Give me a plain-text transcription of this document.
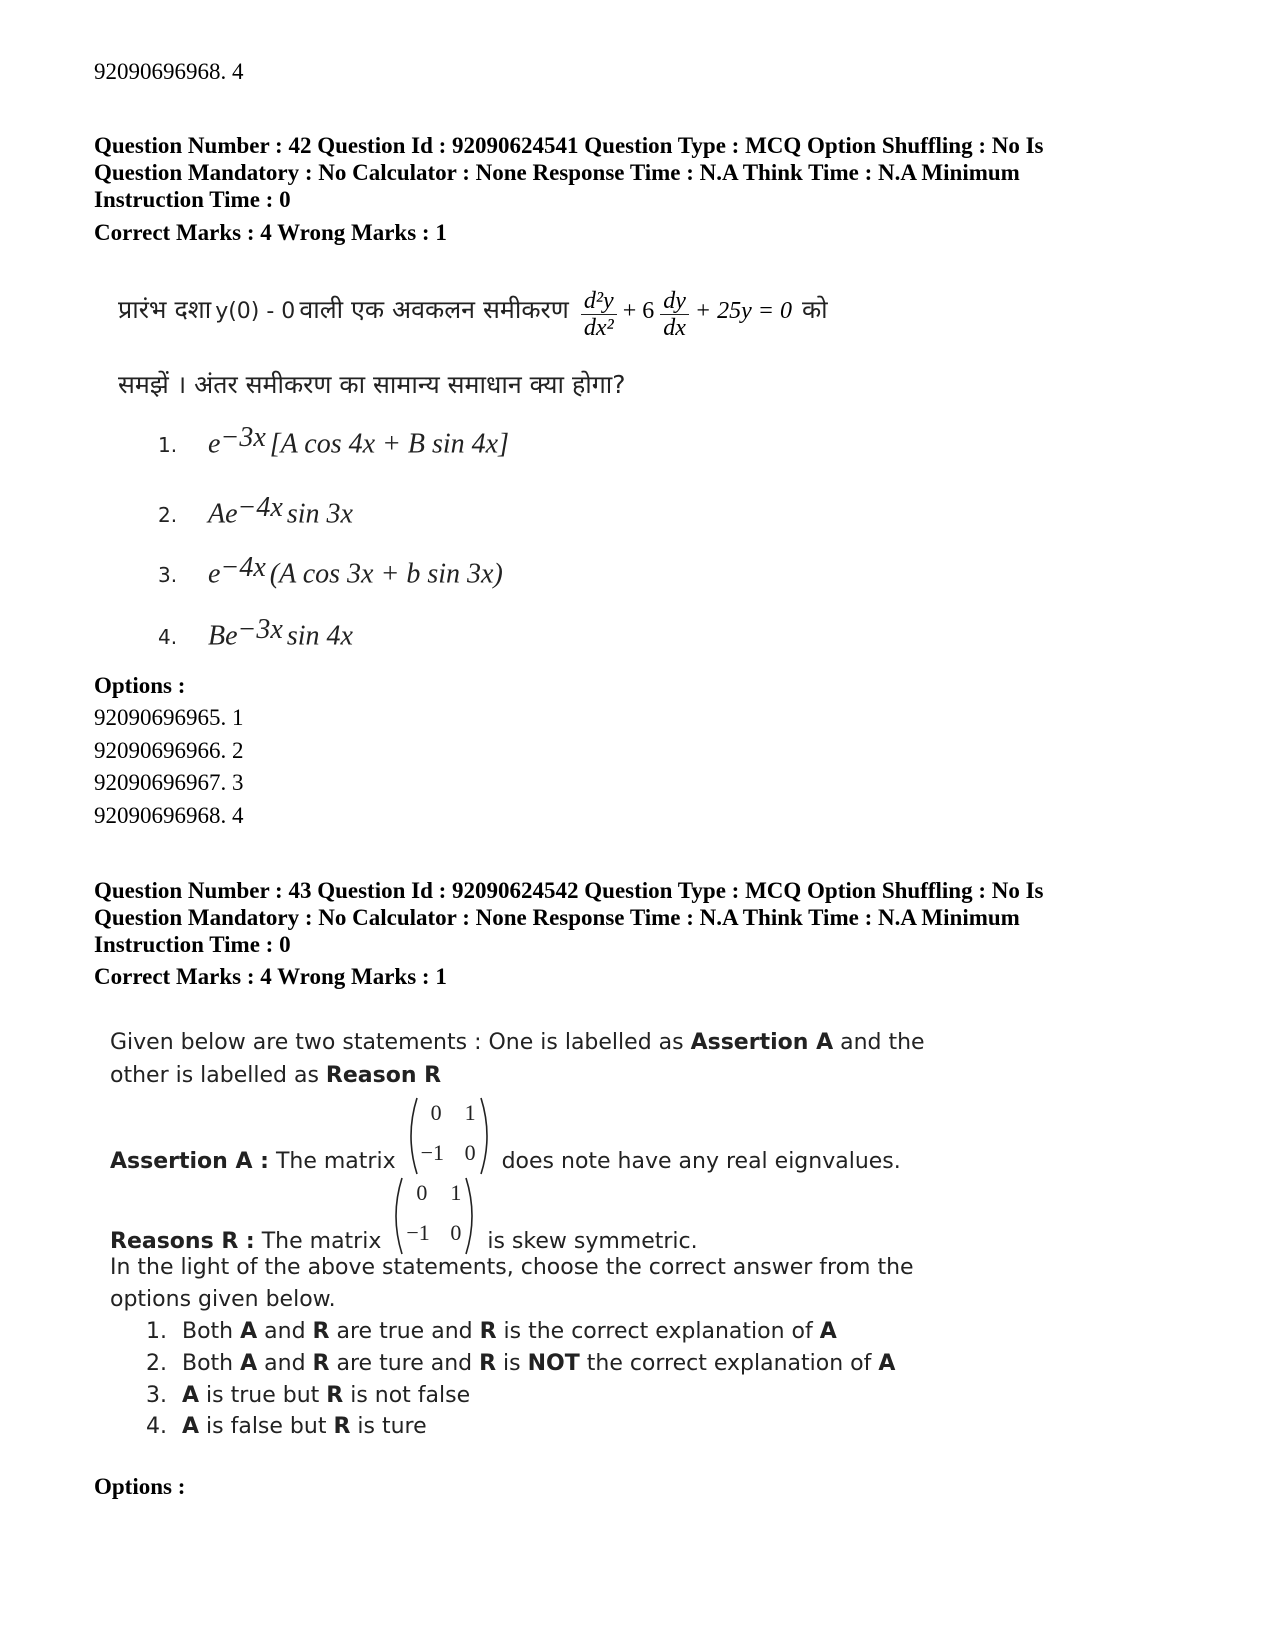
92090696968. 4
Question Number : 42 Question Id : 92090624541 Question Type : MCQ Option Shuffling : No Is
Question Mandatory : No Calculator : None Response Time : N.A Think Time : N.A Minimum
Instruction Time : 0
Correct Marks : 4 Wrong Marks : 1
प्रारंभ दशा y(0) - 0 वाली एक अवकलन समीकरण $\frac{\text{d²y}}{\text{dx²}} + 6 \frac{dy}{dx} + 25y = 0$ को
समझें । अंतर समीकरण का सामान्य समाधान क्या होगा?
1. $e^{-3x}$ [A cos 4x + B sin 4x]
2. $Ae^{-4x}$ sin 3x
3. $e^{-4x}$ (A cos 3x + b sin 3x)
4. $Be^{-3x}$ sin 4x
Options :
92090696965. 1
92090696966. 2
92090696967. 3
92090696968. 4
Question Number : 43 Question Id : 92090624542 Question Type : MCQ Option Shuffling : No Is
Question Mandatory : No Calculator : None Response Time : N.A Think Time : N.A Minimum
Instruction Time : 0
Correct Marks : 4 Wrong Marks : 1
Given below are two statements : One is labelled as Assertion A and the
other is labelled as Reason R
Assertion A : The matrix
0 1
−1 0 does note have any real eignvalues.
Reasons R : The matrix
0 1
−1 0 is skew symmetric.
In the light of the above statements, choose the correct answer from the
options given below.
1. Both A and R are true and R is the correct explanation of A
2. Both A and R are ture and R is NOT the correct explanation of A
3. A is true but R is not false
4. A is false but R is ture
Options :
